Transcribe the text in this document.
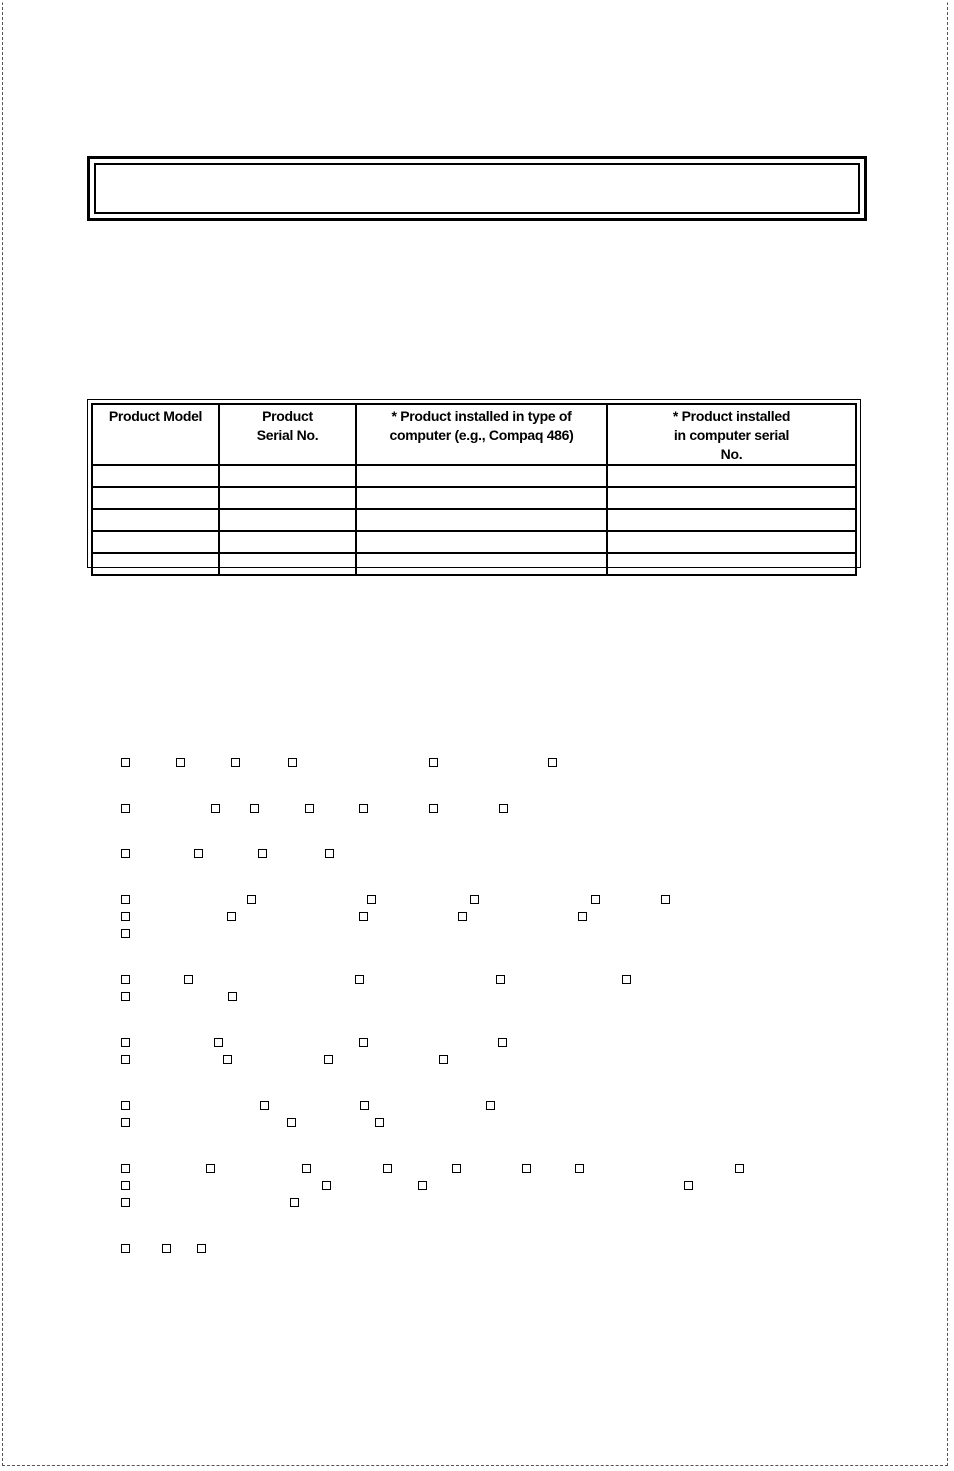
Product Model	Product Serial No.	* Product installed in type of computer (e.g., Compaq 486)	* Product installed in computer serial No.
